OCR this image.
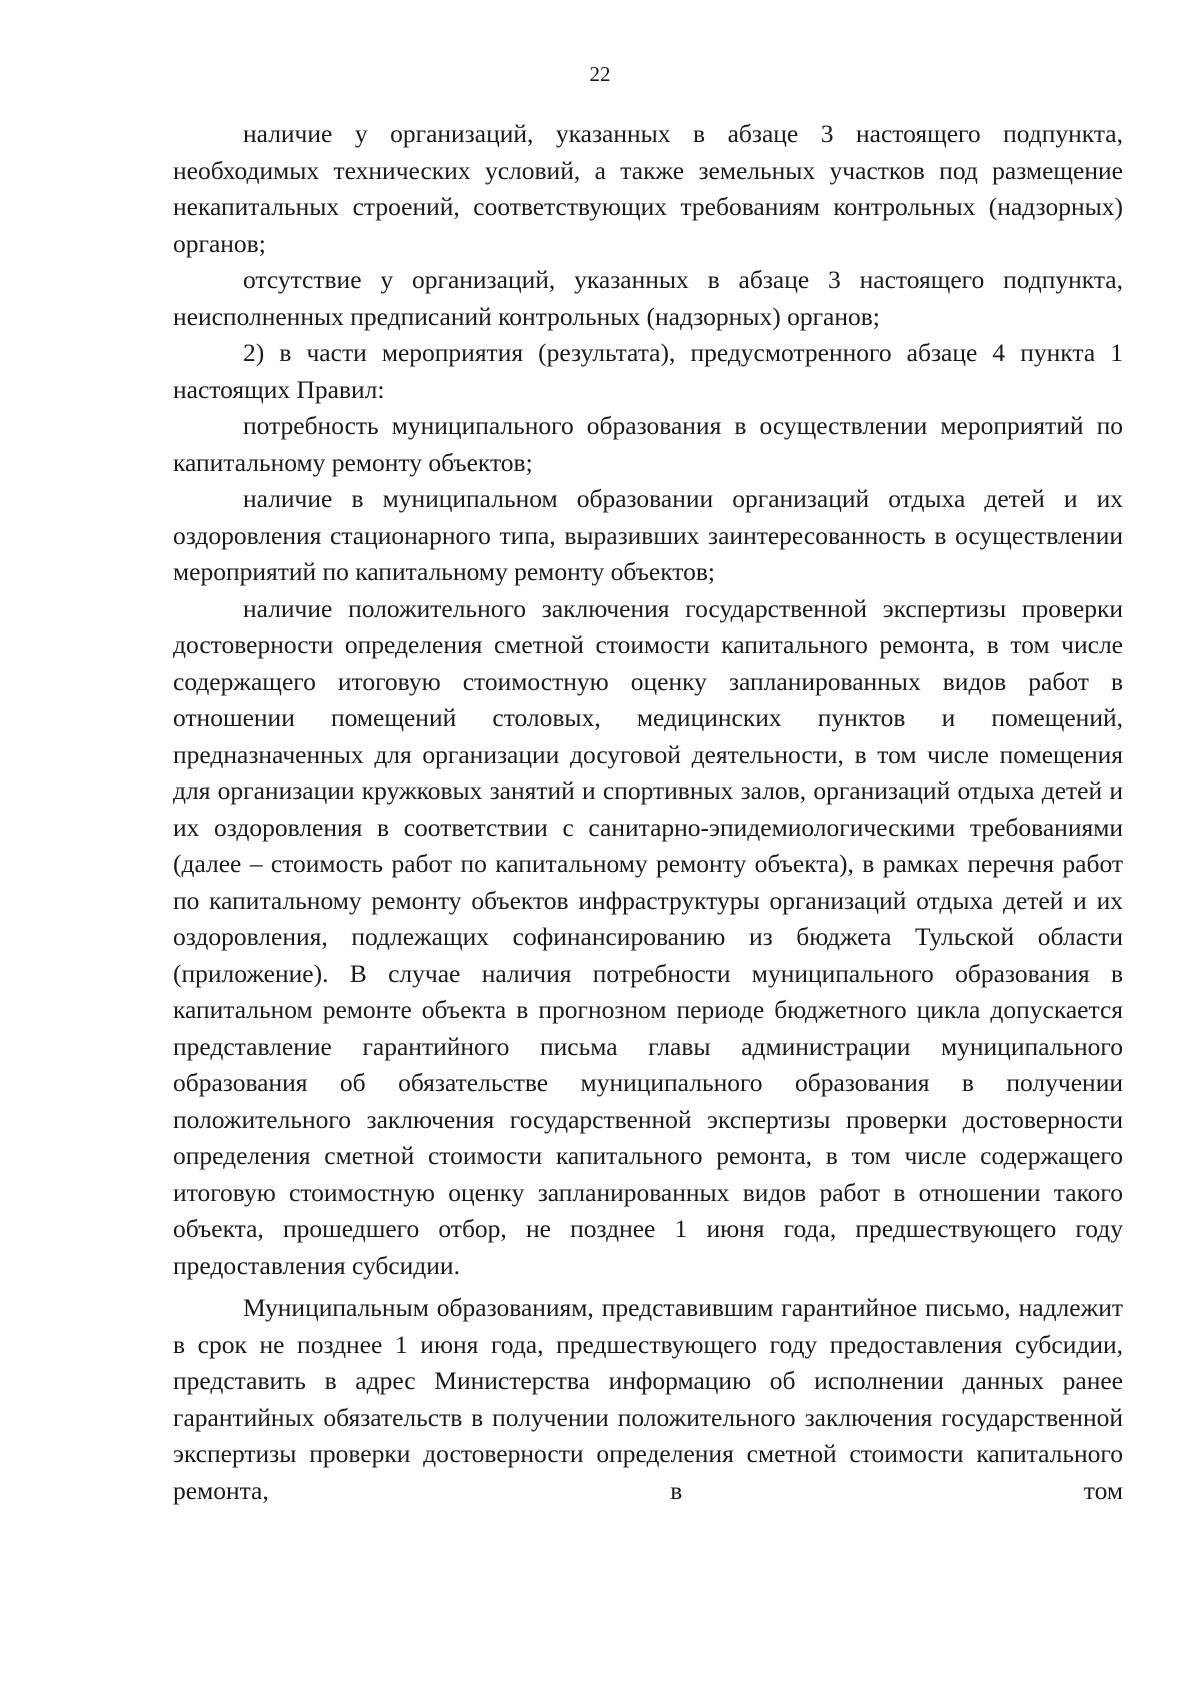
22

наличие у организаций, указанных в абзаце 3 настоящего подпункта, необходимых технических условий, а также земельных участков под размещение некапитальных строений, соответствующих требованиям контрольных (надзорных) органов;

отсутствие у организаций, указанных в абзаце 3 настоящего подпункта, неисполненных предписаний контрольных (надзорных) органов;

2) в части мероприятия (результата), предусмотренного абзаце 4 пункта 1 настоящих Правил:

потребность муниципального образования в осуществлении мероприятий по капитальному ремонту объектов;

наличие в муниципальном образовании организаций отдыха детей и их оздоровления стационарного типа, выразивших заинтересованность в осуществлении мероприятий по капитальному ремонту объектов;

наличие положительного заключения государственной экспертизы проверки достоверности определения сметной стоимости капитального ремонта, в том числе содержащего итоговую стоимостную оценку запланированных видов работ в отношении помещений столовых, медицинских пунктов и помещений, предназначенных для организации досуговой деятельности, в том числе помещения для организации кружковых занятий и спортивных залов, организаций отдыха детей и их оздоровления в соответствии с санитарно-эпидемиологическими требованиями (далее – стоимость работ по капитальному ремонту объекта), в рамках перечня работ по капитальному ремонту объектов инфраструктуры организаций отдыха детей и их оздоровления, подлежащих софинансированию из бюджета Тульской области (приложение). В случае наличия потребности муниципального образования в капитальном ремонте объекта в прогнозном периоде бюджетного цикла допускается представление гарантийного письма главы администрации муниципального образования об обязательстве муниципального образования в получении положительного заключения государственной экспертизы проверки достоверности определения сметной стоимости капитального ремонта, в том числе содержащего итоговую стоимостную оценку запланированных видов работ в отношении такого объекта, прошедшего отбор, не позднее 1 июня года, предшествующего году предоставления субсидии.

Муниципальным образованиям, представившим гарантийное письмо, надлежит в срок не позднее 1 июня года, предшествующего году предоставления субсидии, представить в адрес Министерства информацию об исполнении данных ранее гарантийных обязательств в получении положительного заключения государственной экспертизы проверки достоверности определения сметной стоимости капитального ремонта, в том
